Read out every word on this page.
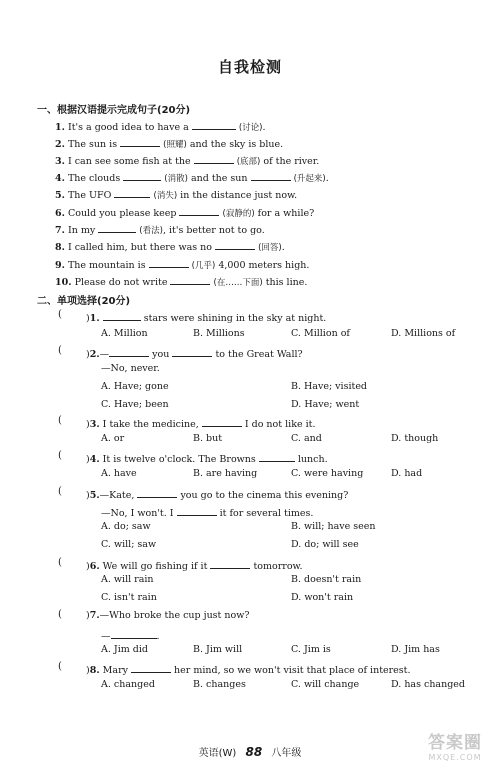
自我检测
一、根据汉语提示完成句子(20分)
1. It's a good idea to have a	(讨论).
2. The sun is	(照耀) and the sky is blue.
3. I can see some fish at the	(底部) of the river.
4. The clouds	(消散) and the sun	(升起来).
5. The UFO	(消失) in the distance just now.
6. Could you please keep	(寂静的) for a while?
7. In my	(看法), it's better not to go.
8. I called him, but there was no	(回答).
9. The mountain is	(几乎) 4,000 meters high.
10. Please do not write	(在……下面) this line.
二、单项选择(20分)
(	)1.	stars were shining in the sky at night.
A. Million	B. Millions	C. Million of	D. Millions of
(	)2.—	you	to the Great Wall?
—No, never.
A. Have; gone	B. Have; visited
C. Have; been	D. Have; went
(	)3. I take the medicine,	I do not like it.
A. or	B. but	C. and	D. though
(	)4. It is twelve o'clock. The Browns	lunch.
A. have	B. are having	C. were having	D. had
(	)5.—Kate,	you go to the cinema this evening?
—No, I won't. I	it for several times.
A. do; saw	B. will; have seen
C. will; saw	D. do; will see
(	)6. We will go fishing if it	tomorrow.
A. will rain	B. doesn't rain
C. isn't rain	D. won't rain
(	)7.—Who broke the cup just now?
—	.
A. Jim did	B. Jim will	C. Jim is	D. Jim has
(	)8. Mary	her mind, so we won't visit that place of interest.
A. changed	B. changes	C. will change	D. has changed
英语(W) 88 八年级
答案圈
MXQE.COM
